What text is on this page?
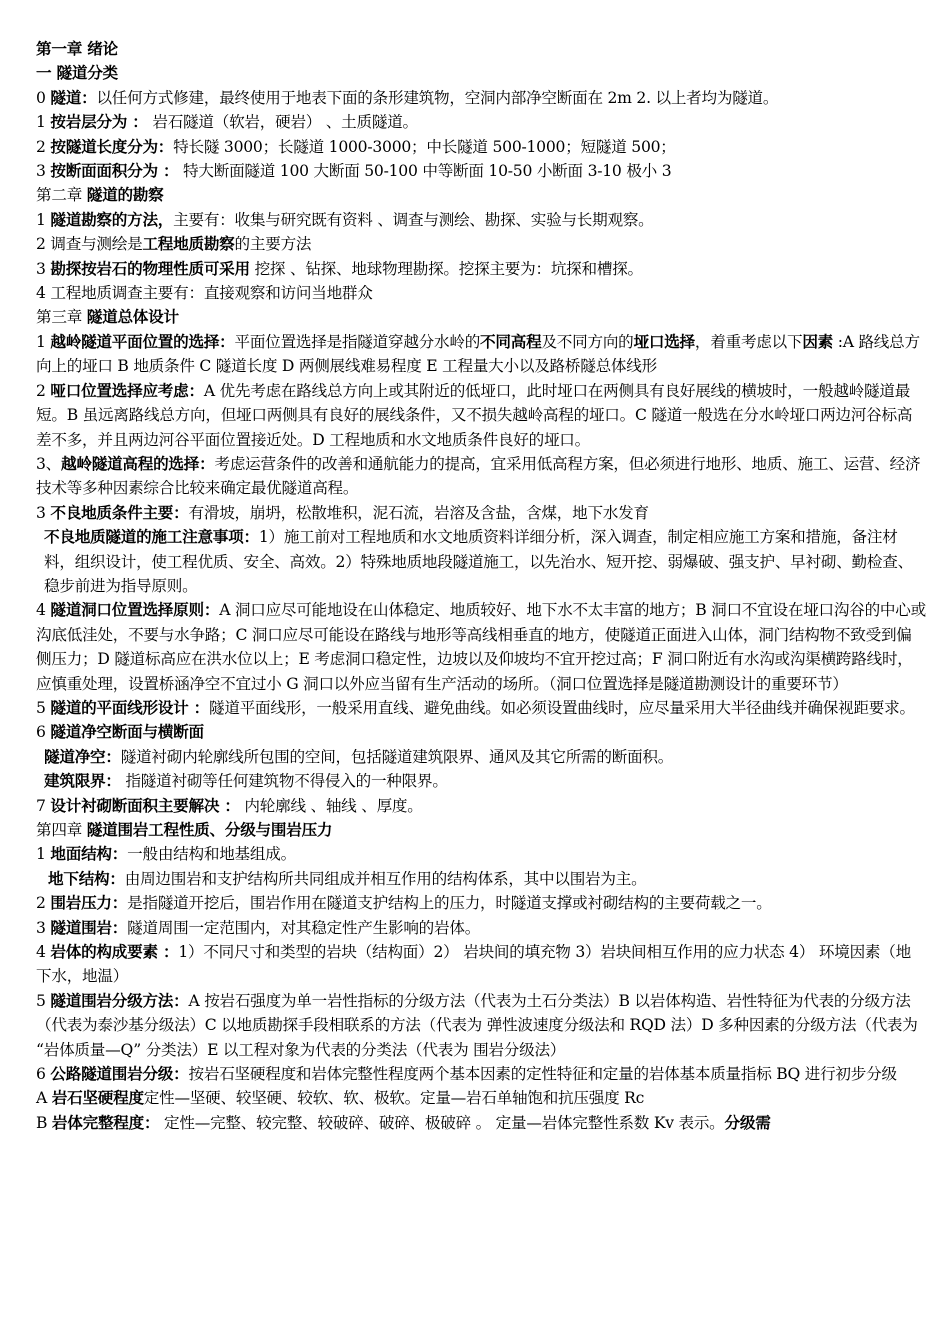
第一章 绪论

一 隧道分类

0 隧道：以任何方式修建，最终使用于地表下面的条形建筑物，空洞内部净空断面在 2m 2. 以上者均为隧道。

1 按岩层分为 ： 岩石隧道（软岩，硬岩） 、土质隧道。

2 按隧道长度分为：特长隧 3000；长隧道 1000-3000；中长隧道 500-1000；短隧道 500；

3 按断面面积分为 ： 特大断面隧道 100 大断面 50-100 中等断面 10-50 小断面 3-10 极小 3

第二章 隧道的勘察

1 隧道勘察的方法，主要有：收集与研究既有资料 、调查与测绘、勘探、实验与长期观察。

2 调查与测绘是工程地质勘察的主要方法

3 勘探按岩石的物理性质可采用 挖探 、钻探、地球物理勘探。挖探主要为：坑探和槽探。

4 工程地质调查主要有：直接观察和访问当地群众

第三章 隧道总体设计

1 越岭隧道平面位置的选择：平面位置选择是指隧道穿越分水岭的不同高程及不同方向的垭口选择，着重考虑以下因素 :A 路线总方向上的垭口 B 地质条件 C 隧道长度 D 两侧展线难易程度 E 工程量大小以及路桥隧总体线形

2 哑口位置选择应考虑：A 优先考虑在路线总方向上或其附近的低垭口，此时垭口在两侧具有良好展线的横坡时，一般越岭隧道最短。B 虽远离路线总方向，但垭口两侧具有良好的展线条件，又不损失越岭高程的垭口。C 隧道一般选在分水岭垭口两边河谷标高差不多，并且两边河谷平面位置接近处。D 工程地质和水文地质条件良好的垭口。

3、越岭隧道高程的选择：考虑运营条件的改善和通航能力的提高，宜采用低高程方案，但必须进行地形、地质、施工、运营、经济技术等多种因素综合比较来确定最优隧道高程。

3 不良地质条件主要：有滑坡，崩坍，松散堆积，泥石流，岩溶及含盐，含煤，地下水发育

不良地质隧道的施工注意事项：1）施工前对工程地质和水文地质资料详细分析，深入调查，制定相应施工方案和措施，备注材料，组织设计，使工程优质、安全、高效。2）特殊地质地段隧道施工，以先治水、短开挖、弱爆破、强支护、早衬砌、勤检查、稳步前进为指导原则。

4 隧道洞口位置选择原则：A 洞口应尽可能地设在山体稳定、地质较好、地下水不太丰富的地方；B 洞口不宜设在垭口沟谷的中心或沟底低洼处，不要与水争路；C 洞口应尽可能设在路线与地形等高线相垂直的地方，使隧道正面进入山体，洞门结构物不致受到偏侧压力；D 隧道标高应在洪水位以上；E 考虑洞口稳定性，边坡以及仰坡均不宜开挖过高；F 洞口附近有水沟或沟渠横跨路线时，应慎重处理，设置桥涵净空不宜过小 G 洞口以外应当留有生产活动的场所。（洞口位置选择是隧道勘测设计的重要环节）

5 隧道的平面线形设计 ：隧道平面线形，一般采用直线、避免曲线。如必须设置曲线时，应尽量采用大半径曲线并确保视距要求。

6 隧道净空断面与横断面

隧道净空：隧道衬砌内轮廓线所包围的空间，包括隧道建筑限界、通风及其它所需的断面积。

建筑限界： 指隧道衬砌等任何建筑物不得侵入的一种限界。

7 设计衬砌断面积主要解决 ： 内轮廓线 、轴线 、厚度。

第四章 隧道围岩工程性质、分级与围岩压力

1 地面结构：一般由结构和地基组成。

地下结构：由周边围岩和支护结构所共同组成并相互作用的结构体系，其中以围岩为主。

2 围岩压力：是指隧道开挖后，围岩作用在隧道支护结构上的压力，时隧道支撑或衬砌结构的主要荷载之一。

3 隧道围岩：隧道周围一定范围内，对其稳定性产生影响的岩体。

4 岩体的构成要素 ：1）不同尺寸和类型的岩块（结构面）2） 岩块间的填充物 3）岩块间相互作用的应力状态 4） 环境因素（地下水，地温）

5 隧道围岩分级方法：A 按岩石强度为单一岩性指标的分级方法（代表为土石分类法）B 以岩体构造、岩性特征为代表的分级方法（代表为泰沙基分级法）C 以地质勘探手段相联系的方法（代表为 弹性波速度分级法和 RQD 法）D 多种因素的分级方法（代表为 “岩体质量—Q” 分类法）E 以工程对象为代表的分类法（代表为 围岩分级法）

6 公路隧道围岩分级：按岩石坚硬程度和岩体完整性程度两个基本因素的定性特征和定量的岩体基本质量指标 BQ 进行初步分级

A 岩石坚硬程度定性—坚硬、较坚硬、较软、软、极软。定量—岩石单轴饱和抗压强度 Rc

B 岩体完整程度： 定性—完整、较完整、较破碎、破碎、极破碎 。 定量—岩体完整性系数 Kv 表示。分级需
